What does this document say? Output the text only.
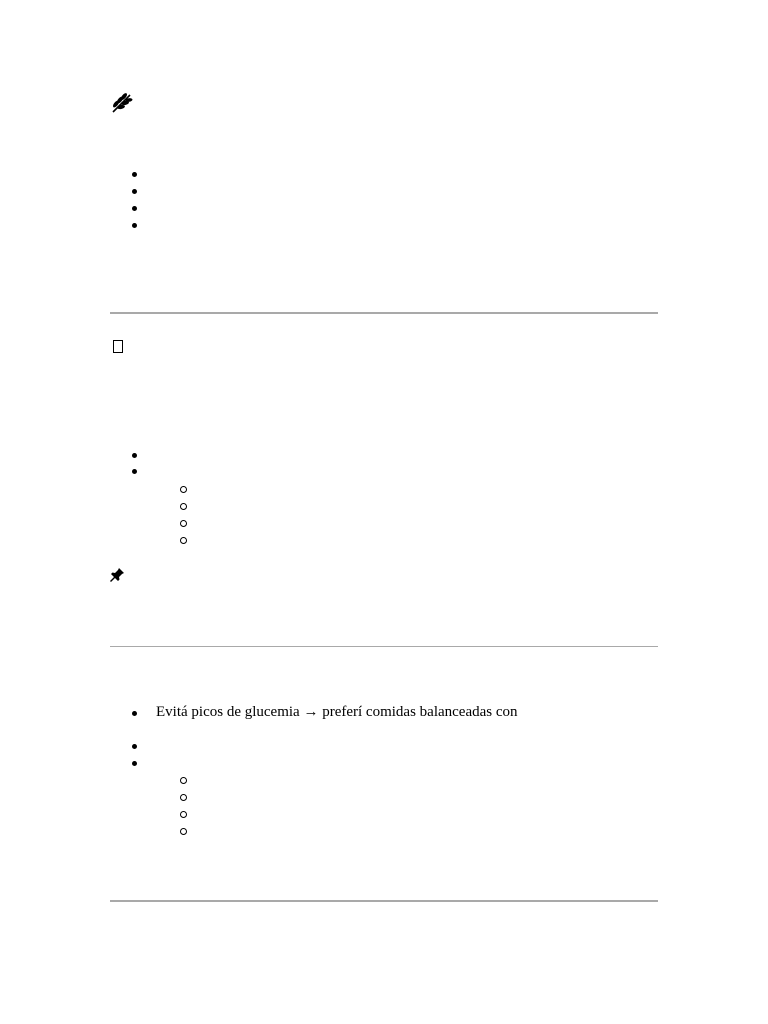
Evitá picos de glucemia → preferí comidas balanceadas con
